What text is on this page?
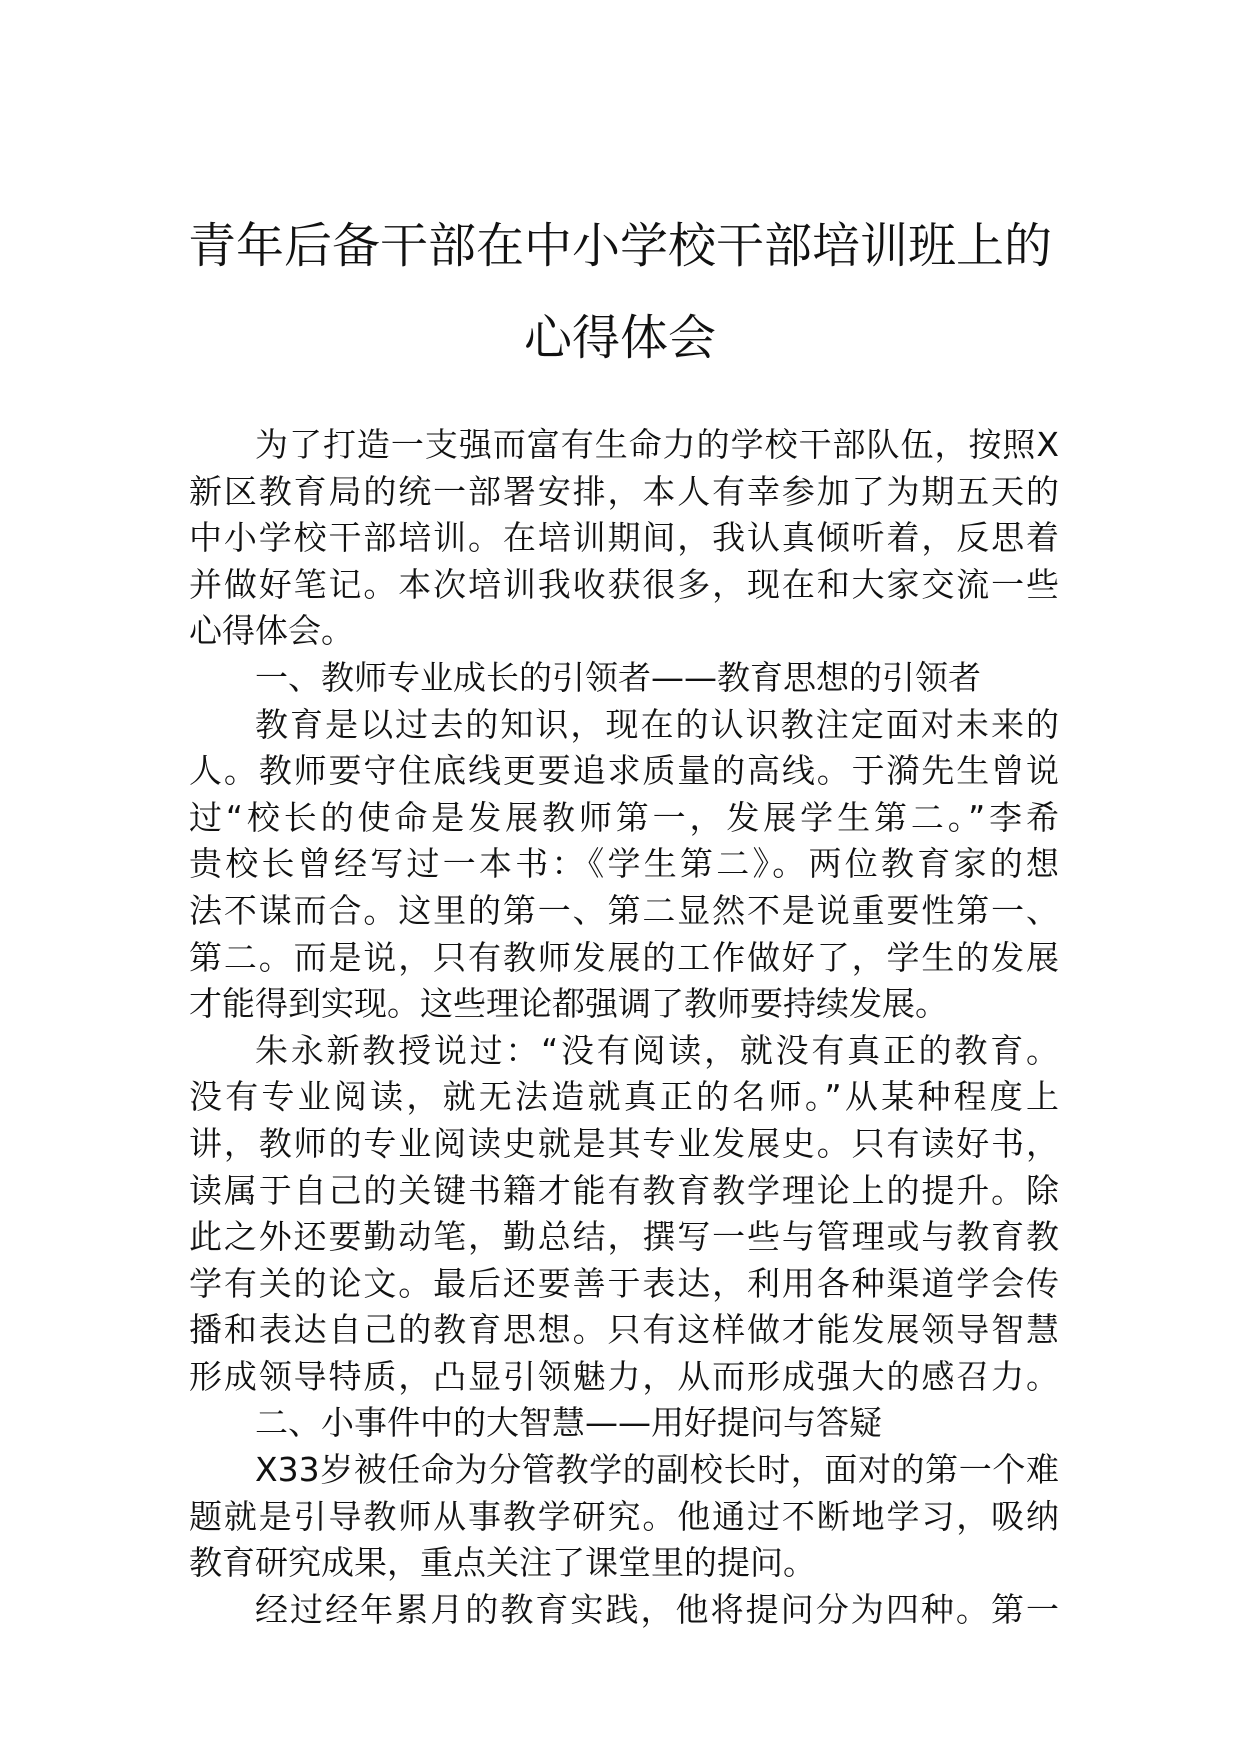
青年后备干部在中小学校干部培训班上的
心得体会
为了打造一支强而富有生命力的学校干部队伍，按照X
新区教育局的统一部署安排，本人有幸参加了为期五天的
中小学校干部培训。在培训期间，我认真倾听着，反思着
并做好笔记。本次培训我收获很多，现在和大家交流一些
心得体会。
一、教师专业成长的引领者——教育思想的引领者
教育是以过去的知识，现在的认识教注定面对未来的
人。教师要守住底线更要追求质量的高线。于漪先生曾说
过“校长的使命是发展教师第一，发展学生第二。”李希
贵校长曾经写过一本书：《学生第二》。两位教育家的想
法不谋而合。这里的第一、第二显然不是说重要性第一、
第二。而是说，只有教师发展的工作做好了，学生的发展
才能得到实现。这些理论都强调了教师要持续发展。
朱永新教授说过：“没有阅读，就没有真正的教育。
没有专业阅读，就无法造就真正的名师。”从某种程度上
讲，教师的专业阅读史就是其专业发展史。只有读好书，
读属于自己的关键书籍才能有教育教学理论上的提升。除
此之外还要勤动笔，勤总结，撰写一些与管理或与教育教
学有关的论文。最后还要善于表达，利用各种渠道学会传
播和表达自己的教育思想。只有这样做才能发展领导智慧
形成领导特质，凸显引领魅力，从而形成强大的感召力。
二、小事件中的大智慧——用好提问与答疑
X33岁被任命为分管教学的副校长时，面对的第一个难
题就是引导教师从事教学研究。他通过不断地学习，吸纳
教育研究成果，重点关注了课堂里的提问。
经过经年累月的教育实践，他将提问分为四种。第一
